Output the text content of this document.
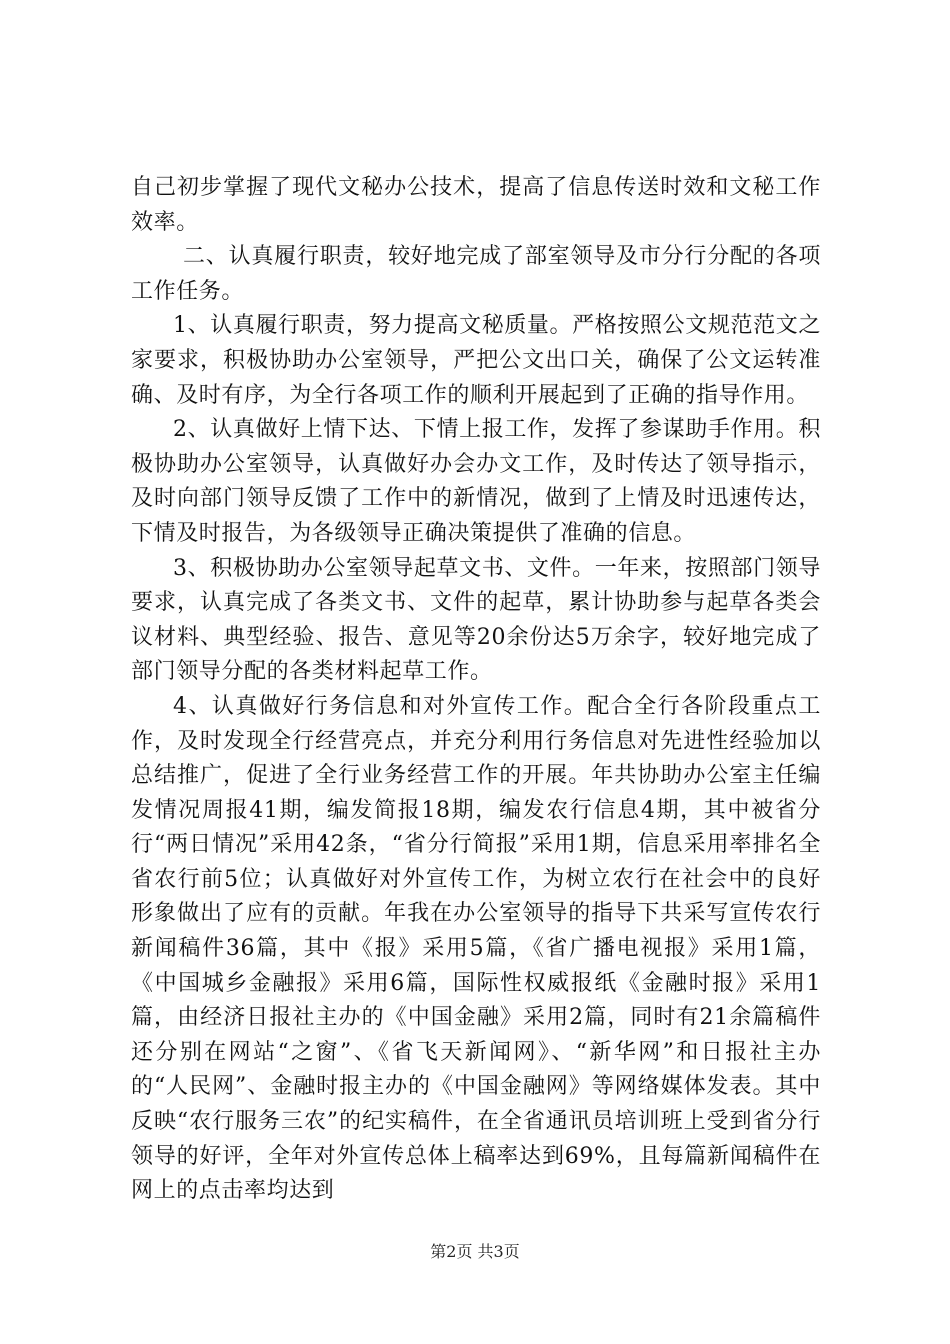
自己初步掌握了现代文秘办公技术，提高了信息传送时效和文秘工作效率。

二、认真履行职责，较好地完成了部室领导及市分行分配的各项工作任务。

1、认真履行职责，努力提高文秘质量。严格按照公文规范范文之家要求，积极协助办公室领导，严把公文出口关，确保了公文运转准确、及时有序，为全行各项工作的顺利开展起到了正确的指导作用。

2、认真做好上情下达、下情上报工作，发挥了参谋助手作用。积极协助办公室领导，认真做好办会办文工作，及时传达了领导指示，及时向部门领导反馈了工作中的新情况，做到了上情及时迅速传达，下情及时报告，为各级领导正确决策提供了准确的信息。

3、积极协助办公室领导起草文书、文件。一年来，按照部门领导要求，认真完成了各类文书、文件的起草，累计协助参与起草各类会议材料、典型经验、报告、意见等20余份达5万余字，较好地完成了部门领导分配的各类材料起草工作。

4、认真做好行务信息和对外宣传工作。配合全行各阶段重点工作，及时发现全行经营亮点，并充分利用行务信息对先进性经验加以总结推广，促进了全行业务经营工作的开展。年共协助办公室主任编发情况周报41期，编发简报18期，编发农行信息4期，其中被省分行“两日情况”采用42条，“省分行简报”采用1期，信息采用率排名全省农行前5位；认真做好对外宣传工作，为树立农行在社会中的良好形象做出了应有的贡献。年我在办公室领导的指导下共采写宣传农行新闻稿件36篇，其中《报》采用5篇，《省广播电视报》采用1篇，《中国城乡金融报》采用6篇，国际性权威报纸《金融时报》采用1篇，由经济日报社主办的《中国金融》采用2篇，同时有21余篇稿件还分别在网站“之窗”、《省飞天新闻网》、“新华网”和日报社主办的“人民网”、金融时报主办的《中国金融网》等网络媒体发表。其中反映“农行服务三农”的纪实稿件，在全省通讯员培训班上受到省分行领导的好评，全年对外宣传总体上稿率达到69%，且每篇新闻稿件在网上的点击率均达到

第2页 共3页
